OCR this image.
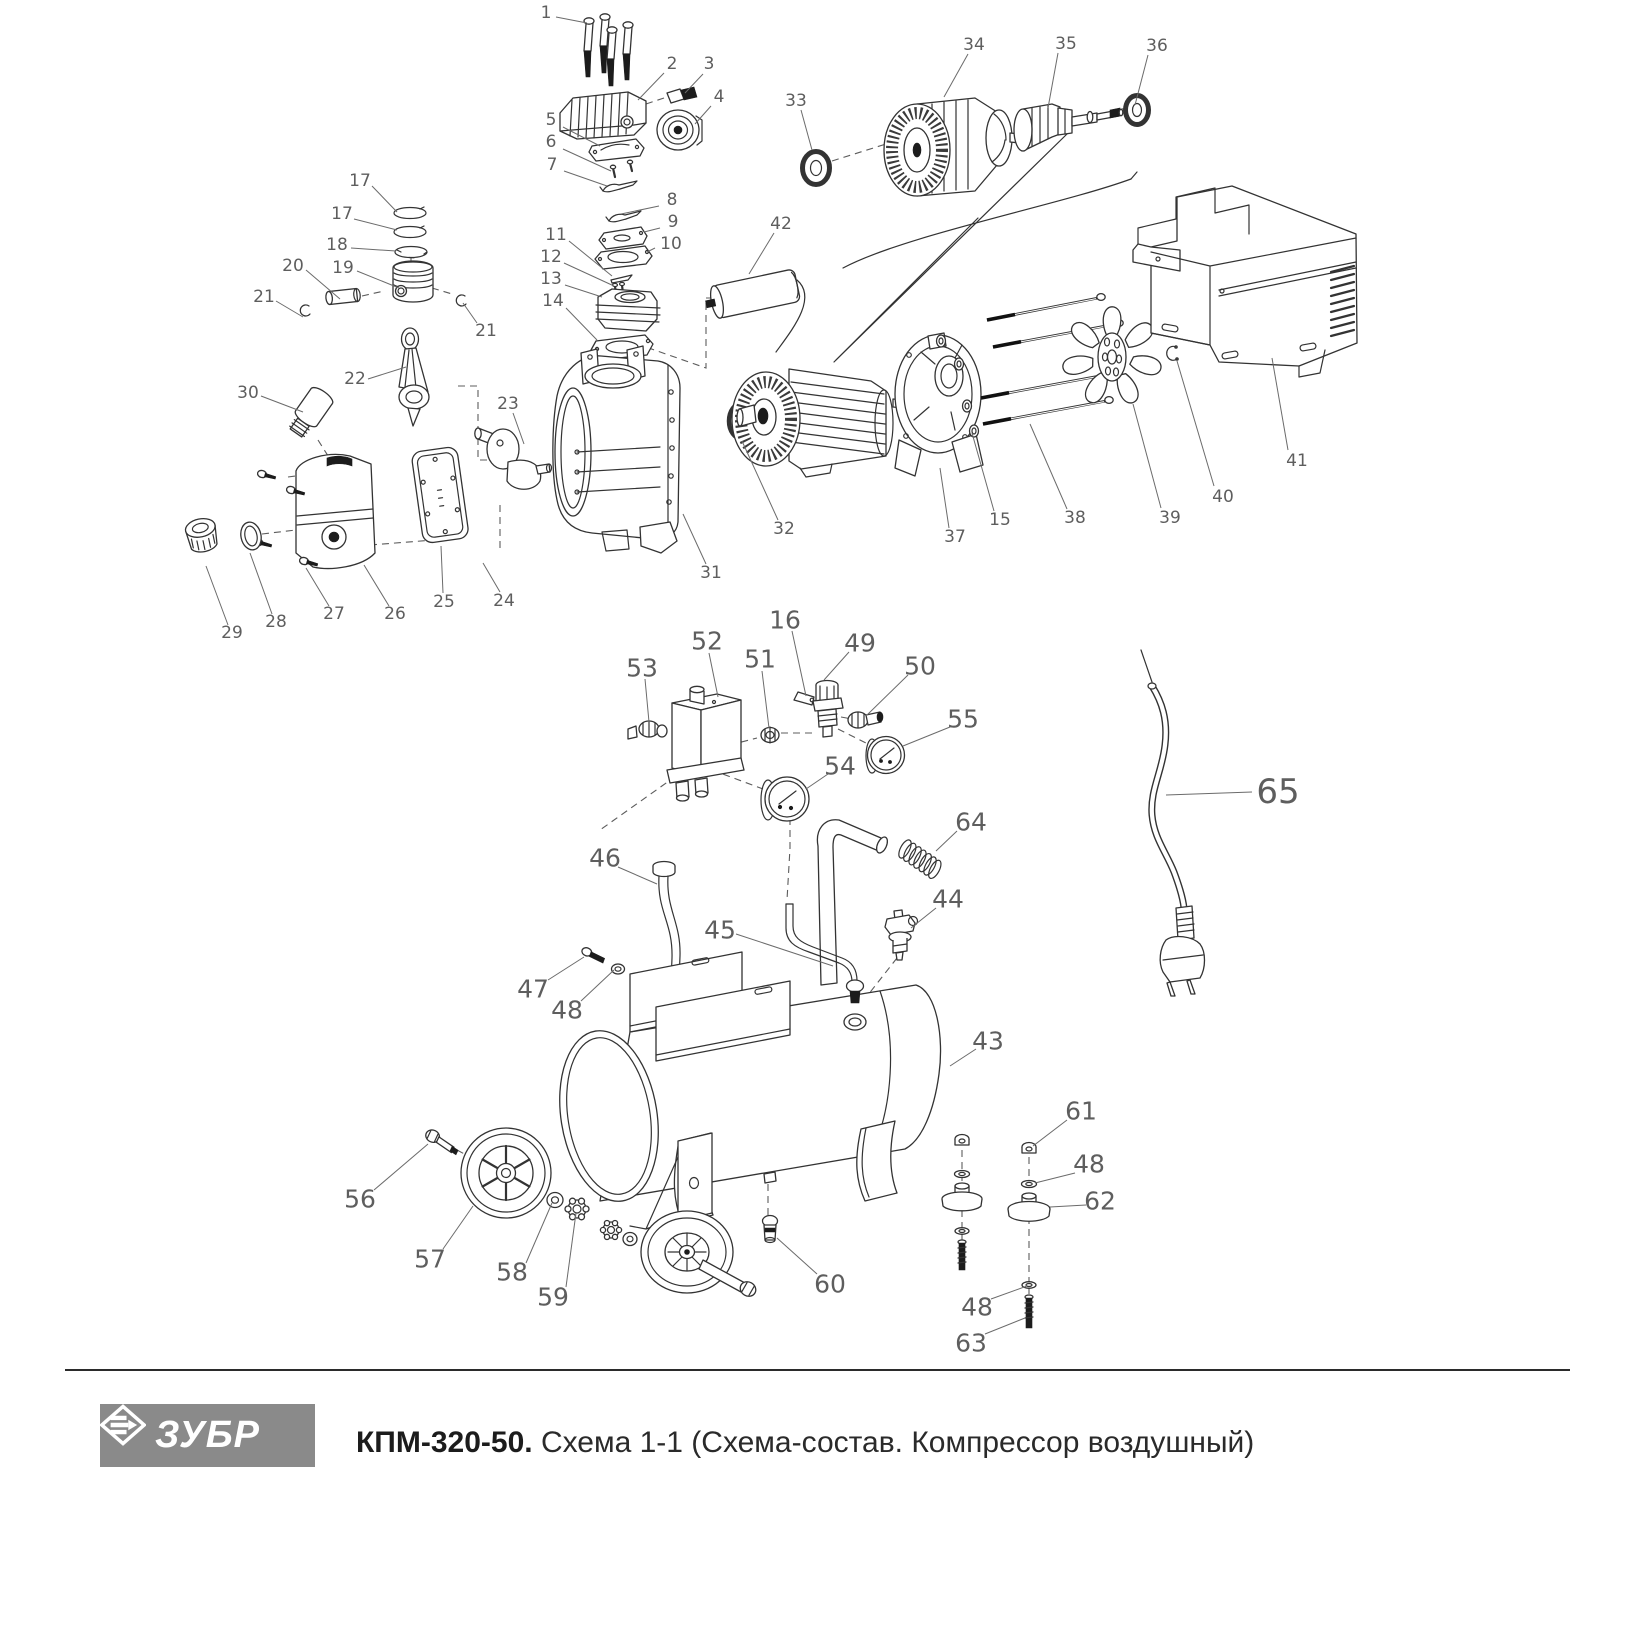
1
2 3
4
5
6
7
8
9
10
11
12
13
14
17
17
18
19
20
21
21
22
23
24
25
26
27
28
29
30
31
32
33
34	35	36
37
15	38	39
40
41
42
16
49
50
51
52
53
54
55
64
65
46
44
45
47
48
43
56
57 58
59	60
61
48
62
48
63
ЗУБР	КПМ-320-50. Схема 1-1 (Схема-состав. Компрессор воздушный)
